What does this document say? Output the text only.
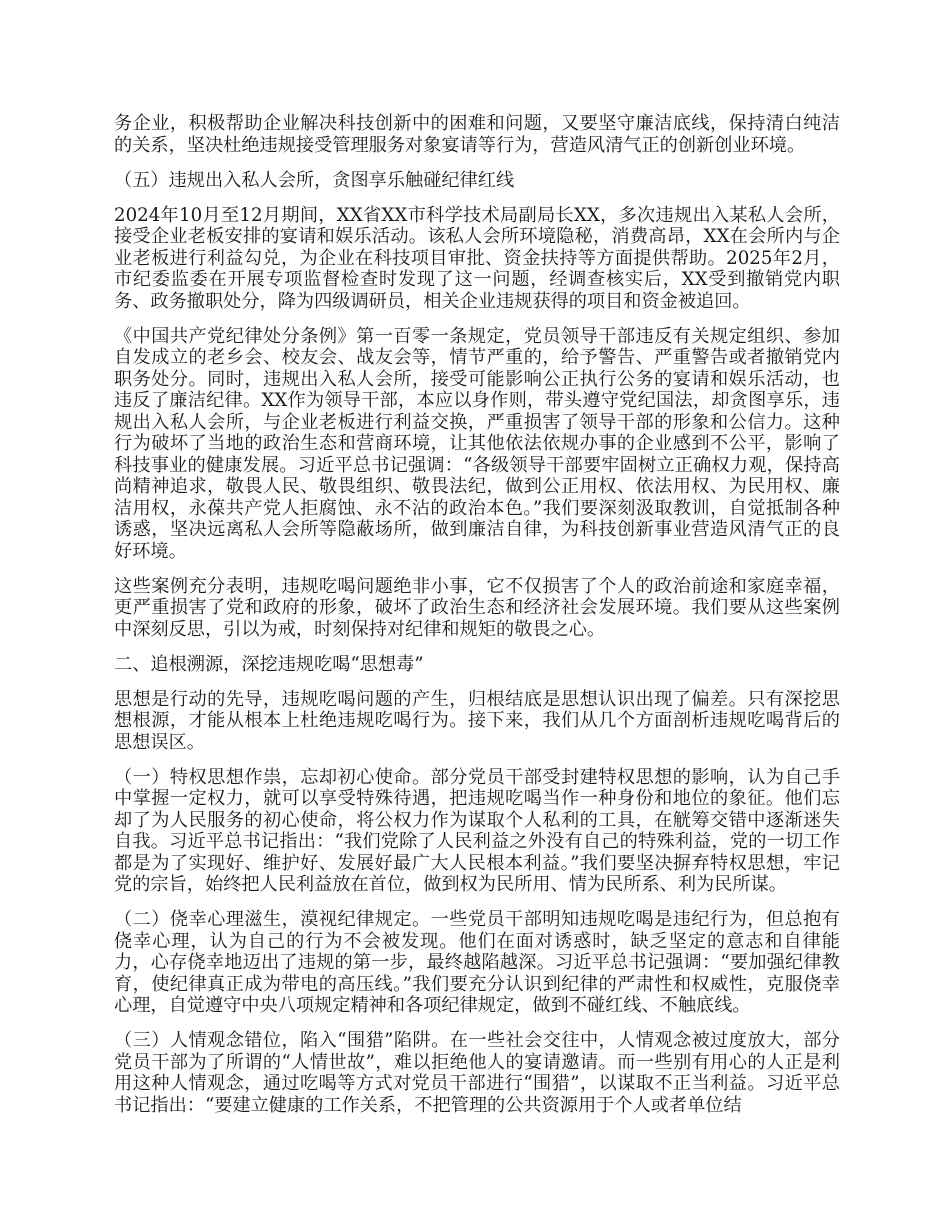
务企业，积极帮助企业解决科技创新中的困难和问题，又要坚守廉洁底线，保持清白纯洁的关系，坚决杜绝违规接受管理服务对象宴请等行为，营造风清气正的创新创业环境。

（五）违规出入私人会所，贪图享乐触碰纪律红线

2024年10月至12月期间，XX省XX市科学技术局副局长XX，多次违规出入某私人会所，接受企业老板安排的宴请和娱乐活动。该私人会所环境隐秘，消费高昂，XX在会所内与企业老板进行利益勾兑，为企业在科技项目审批、资金扶持等方面提供帮助。2025年2月，市纪委监委在开展专项监督检查时发现了这一问题，经调查核实后，XX受到撤销党内职务、政务撤职处分，降为四级调研员，相关企业违规获得的项目和资金被追回。

《中国共产党纪律处分条例》第一百零一条规定，党员领导干部违反有关规定组织、参加自发成立的老乡会、校友会、战友会等，情节严重的，给予警告、严重警告或者撤销党内职务处分。同时，违规出入私人会所，接受可能影响公正执行公务的宴请和娱乐活动，也违反了廉洁纪律。XX作为领导干部，本应以身作则，带头遵守党纪国法，却贪图享乐，违规出入私人会所，与企业老板进行利益交换，严重损害了领导干部的形象和公信力。这种行为破坏了当地的政治生态和营商环境，让其他依法依规办事的企业感到不公平，影响了科技事业的健康发展。习近平总书记强调：“各级领导干部要牢固树立正确权力观，保持高尚精神追求，敬畏人民、敬畏组织、敬畏法纪，做到公正用权、依法用权、为民用权、廉洁用权，永葆共产党人拒腐蚀、永不沾的政治本色。”我们要深刻汲取教训，自觉抵制各种诱惑，坚决远离私人会所等隐蔽场所，做到廉洁自律，为科技创新事业营造风清气正的良好环境。

这些案例充分表明，违规吃喝问题绝非小事，它不仅损害了个人的政治前途和家庭幸福，更严重损害了党和政府的形象，破坏了政治生态和经济社会发展环境。我们要从这些案例中深刻反思，引以为戒，时刻保持对纪律和规矩的敬畏之心。

二、追根溯源，深挖违规吃喝“思想毒”

思想是行动的先导，违规吃喝问题的产生，归根结底是思想认识出现了偏差。只有深挖思想根源，才能从根本上杜绝违规吃喝行为。接下来，我们从几个方面剖析违规吃喝背后的思想误区。

（一）特权思想作祟，忘却初心使命。部分党员干部受封建特权思想的影响，认为自己手中掌握一定权力，就可以享受特殊待遇，把违规吃喝当作一种身份和地位的象征。他们忘却了为人民服务的初心使命，将公权力作为谋取个人私利的工具，在觥筹交错中逐渐迷失自我。习近平总书记指出：“我们党除了人民利益之外没有自己的特殊利益，党的一切工作都是为了实现好、维护好、发展好最广大人民根本利益。”我们要坚决摒弃特权思想，牢记党的宗旨，始终把人民利益放在首位，做到权为民所用、情为民所系、利为民所谋。

（二）侥幸心理滋生，漠视纪律规定。一些党员干部明知违规吃喝是违纪行为，但总抱有侥幸心理，认为自己的行为不会被发现。他们在面对诱惑时，缺乏坚定的意志和自律能力，心存侥幸地迈出了违规的第一步，最终越陷越深。习近平总书记强调：“要加强纪律教育，使纪律真正成为带电的高压线。”我们要充分认识到纪律的严肃性和权威性，克服侥幸心理，自觉遵守中央八项规定精神和各项纪律规定，做到不碰红线、不触底线。

（三）人情观念错位，陷入“围猎”陷阱。在一些社会交往中，人情观念被过度放大，部分党员干部为了所谓的“人情世故”，难以拒绝他人的宴请邀请。而一些别有用心的人正是利用这种人情观念，通过吃喝等方式对党员干部进行“围猎”，以谋取不正当利益。习近平总书记指出：“要建立健康的工作关系，不把管理的公共资源用于个人或者单位结
